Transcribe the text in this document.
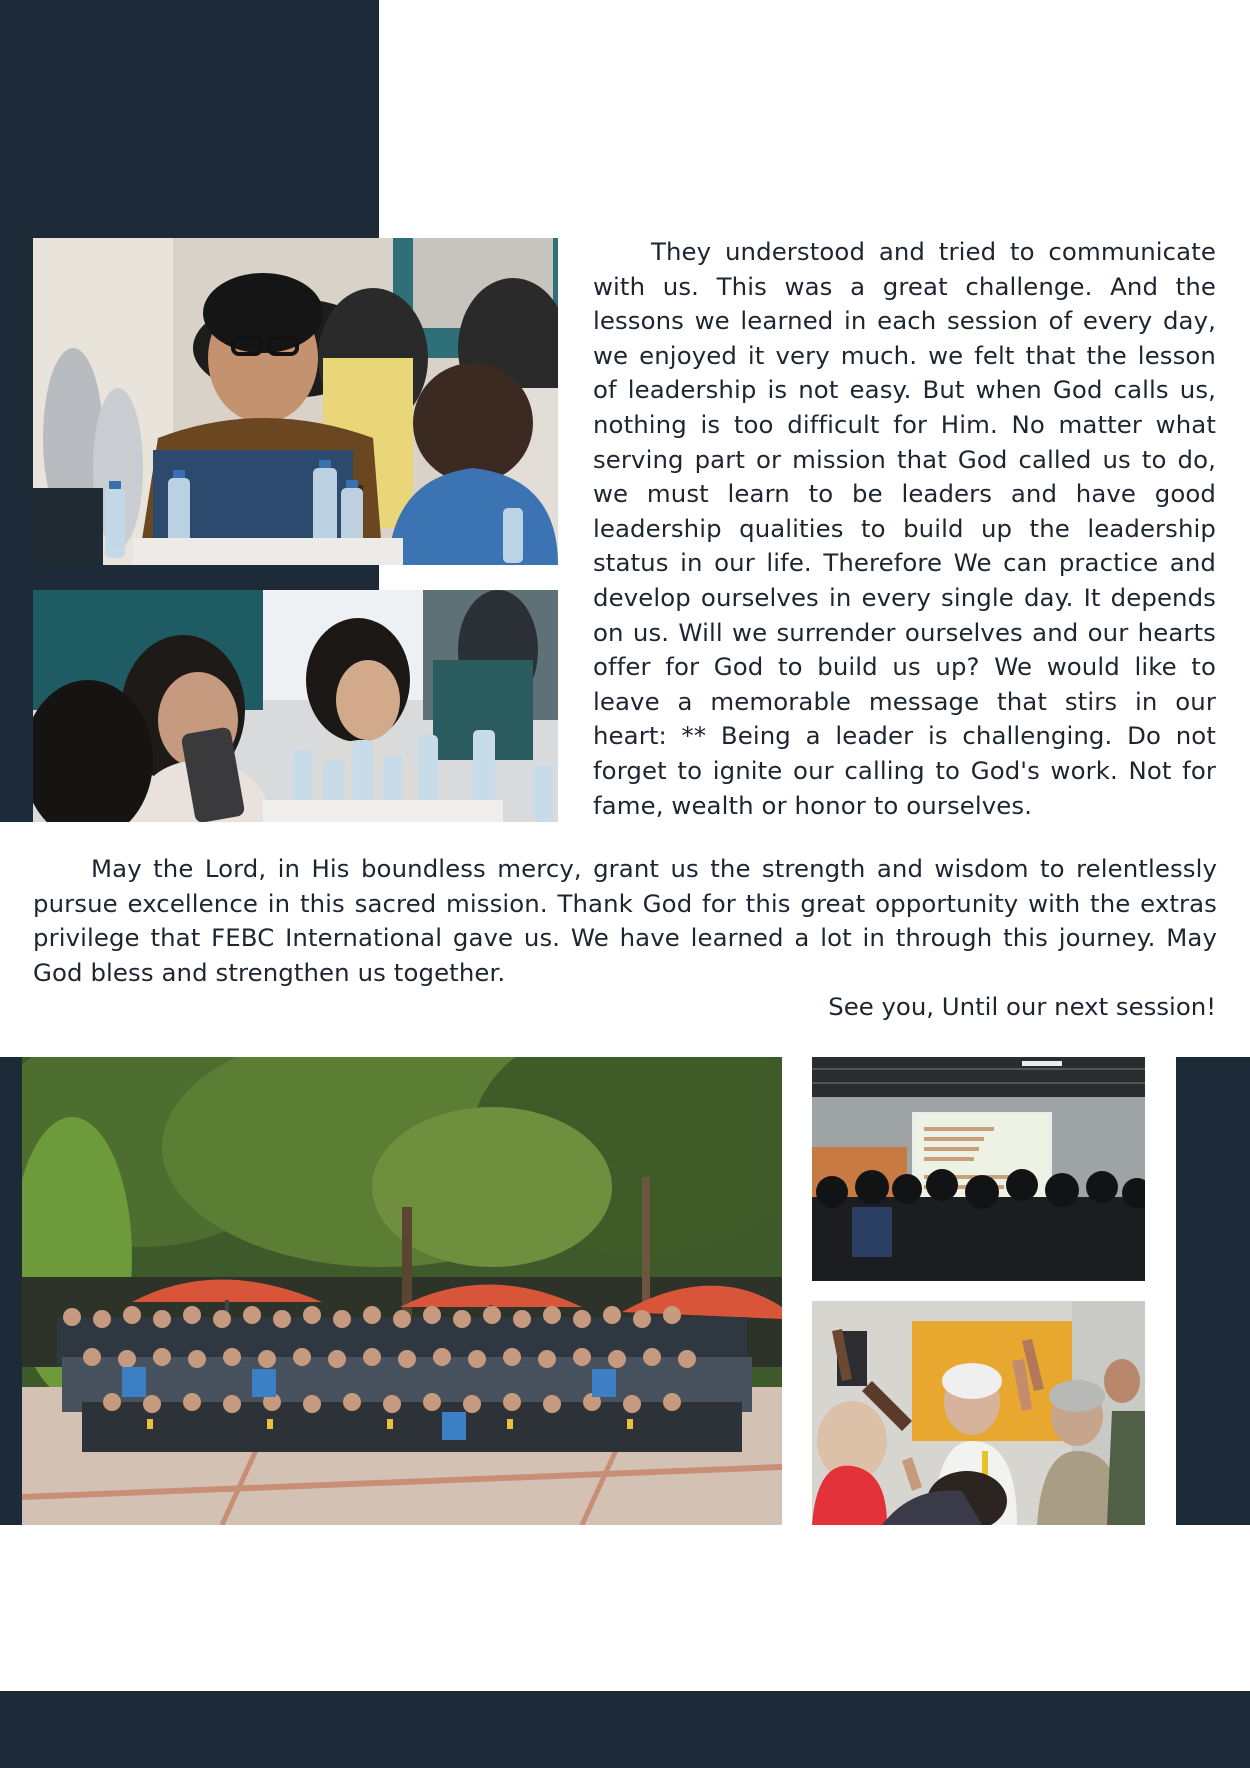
They understood and tried to communicate with us. This was a great challenge. And the lessons we learned in each session of every day, we enjoyed it very much. we felt that the lesson of leadership is not easy. But when God calls us, nothing is too difficult for Him. No matter what serving part or mission that God called us to do, we must learn to be leaders and have good leadership qualities to build up the leadership status in our life. Therefore We can practice and develop ourselves in every single day. It depends on us. Will we surrender ourselves and our hearts offer for God to build us up? We would like to leave a memorable message that stirs in our heart: ** Being a leader is challenging. Do not forget to ignite our calling to God's work. Not for fame, wealth or honor to ourselves.

May the Lord, in His boundless mercy, grant us the strength and wisdom to relentlessly pursue excellence in this sacred mission. Thank God for this great opportunity with the extras privilege that FEBC International gave us. We have learned a lot in through this journey. May God bless and strengthen us together.

See you, Until our next session!
